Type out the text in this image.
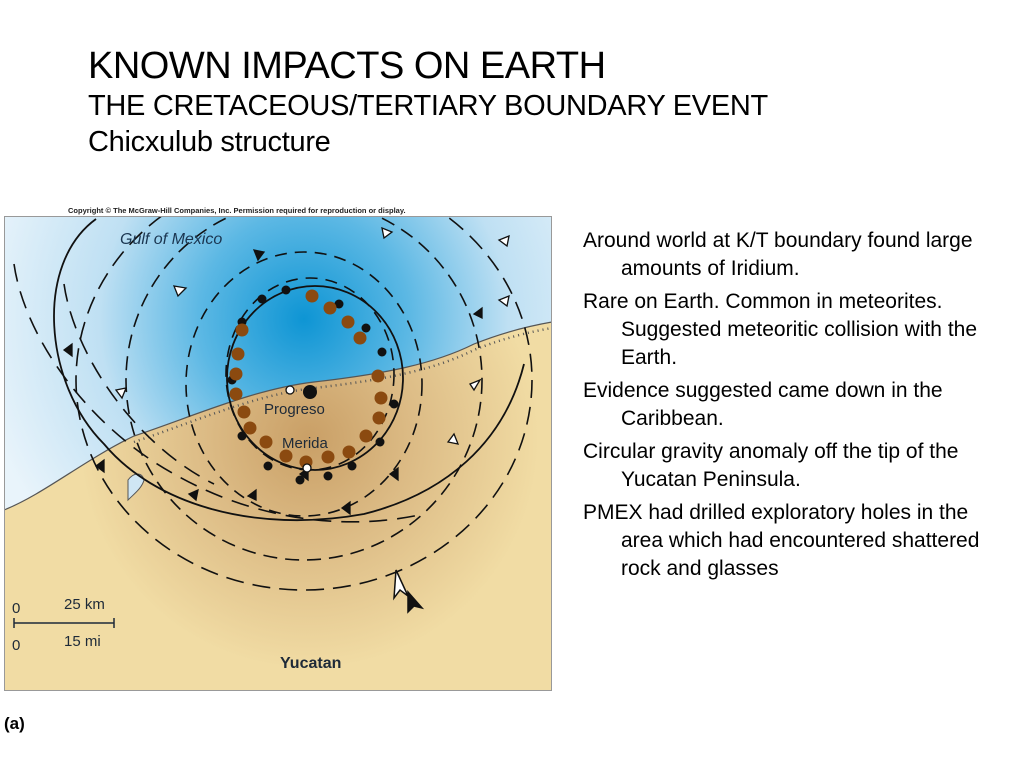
KNOWN IMPACTS ON EARTH
THE CRETACEOUS/TERTIARY BOUNDARY EVENT
Chicxulub structure
Copyright © The McGraw-Hill Companies, Inc. Permission required for reproduction or display.
Gulf of Mexico
Progreso
Merida
Yucatan
0	25 km
0	15 mi
(a)
Around world at K/T boundary found large amounts of Iridium.
Rare on Earth. Common in meteorites. Suggested meteoritic collision with the Earth.
Evidence suggested came down in the Caribbean.
Circular gravity anomaly off the tip of the Yucatan Peninsula.
PMEX had drilled exploratory holes in the area which had encountered shattered rock and glasses
